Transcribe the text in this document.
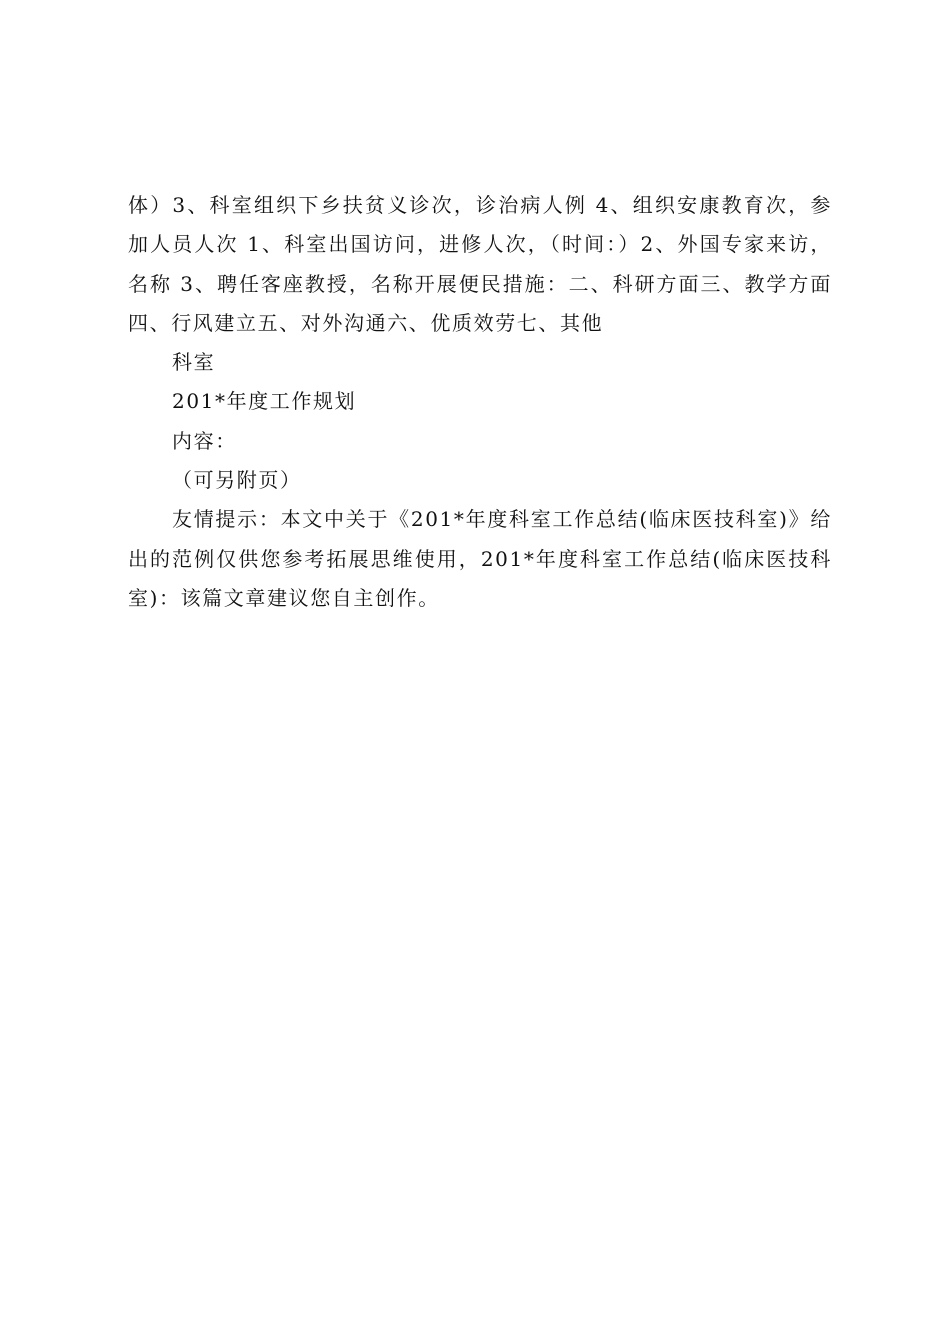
体）3、科室组织下乡扶贫义诊次，诊治病人例 4、组织安康教育次，参加人员人次 1、科室出国访问，进修人次，（时间：）2、外国专家来访，名称 3、聘任客座教授，名称开展便民措施：二、科研方面三、教学方面四、行风建立五、对外沟通六、优质效劳七、其他

科室

201*年度工作规划

内容：

（可另附页）

友情提示：本文中关于《201*年度科室工作总结(临床医技科室)》给出的范例仅供您参考拓展思维使用，201*年度科室工作总结(临床医技科室)：该篇文章建议您自主创作。
